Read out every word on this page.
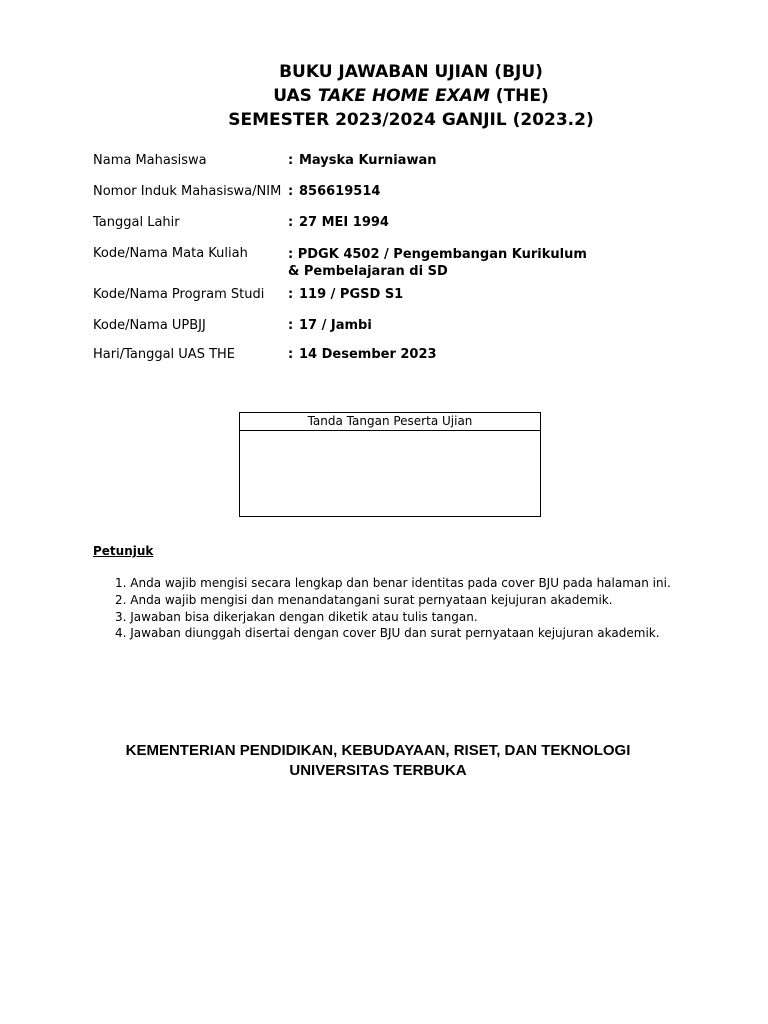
BUKU JAWABAN UJIAN (BJU)
UAS TAKE HOME EXAM (THE)
SEMESTER 2023/2024 GANJIL (2023.2)
Nama Mahasiswa	: Mayska Kurniawan
Nomor Induk Mahasiswa/NIM : 856619514
Tanggal Lahir	: 27 MEI 1994
Kode/Nama Mata Kuliah	: PDGK 4502 / Pengembangan Kurikulum & Pembelajaran di SD
Kode/Nama Program Studi	: 119 / PGSD S1
Kode/Nama UPBJJ	: 17 / Jambi
Hari/Tanggal UAS THE	: 14 Desember 2023
Tanda Tangan Peserta Ujian
Petunjuk
1. Anda wajib mengisi secara lengkap dan benar identitas pada cover BJU pada halaman ini.
2. Anda wajib mengisi dan menandatangani surat pernyataan kejujuran akademik.
3. Jawaban bisa dikerjakan dengan diketik atau tulis tangan.
4. Jawaban diunggah disertai dengan cover BJU dan surat pernyataan kejujuran akademik.
KEMENTERIAN PENDIDIKAN, KEBUDAYAAN, RISET, DAN TEKNOLOGI
UNIVERSITAS TERBUKA
